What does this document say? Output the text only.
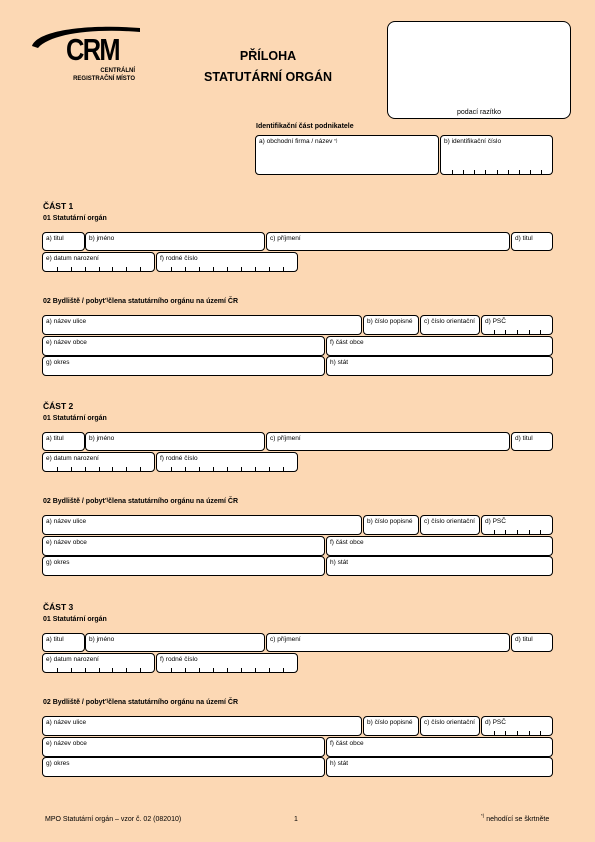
CRM
CENTRÁLNÍ
REGISTRAČNÍ MÍSTO
PŘÍLOHA
STATUTÁRNÍ ORGÁN
podací razítko
Identifikační část podnikatele
a) obchodní firma / název *)	b) identifikační číslo
ČÁST 1
01 Statutární orgán
a) titul	b) jméno	c) příjmení	d) titul
e) datum narození	f) rodné číslo
02 Bydliště / pobyt*)člena statutárního orgánu na území ČR
a) název ulice	b) číslo popisné c) číslo orientační d) PSČ
e) název obce	f) část obce
g) okres	h) stát
ČÁST 2
01 Statutární orgán
a) titul	b) jméno	c) příjmení	d) titul
e) datum narození	f) rodné číslo
02 Bydliště / pobyt*)člena statutárního orgánu na území ČR
a) název ulice	b) číslo popisné c) číslo orientační d) PSČ
e) název obce	f) část obce
g) okres	h) stát
ČÁST 3
01 Statutární orgán
a) titul	b) jméno	c) příjmení	d) titul
e) datum narození	f) rodné číslo
02 Bydliště / pobyt*)člena statutárního orgánu na území ČR
a) název ulice	b) číslo popisné c) číslo orientační d) PSČ
e) název obce	f) část obce
g) okres	h) stát
MPO Statutární orgán – vzor č. 02 (082010)	1
*) nehodící se škrtněte
